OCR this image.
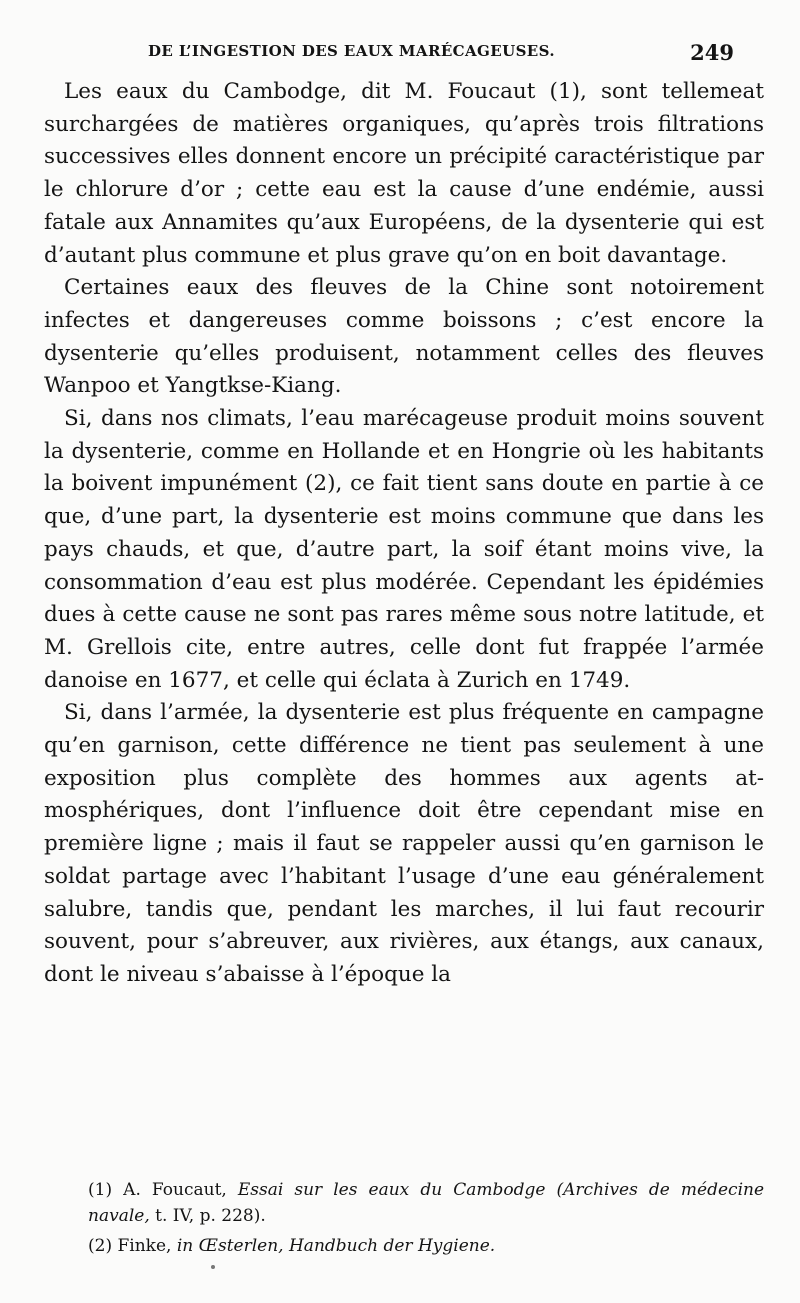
DE L’INGESTION DES EAUX MARÉCAGEUSES.	249

Les eaux du Cambodge, dit M. Foucaut (1), sont tellemeat surchargées de matières organiques, qu’après trois filtrations successives elles donnent encore un précipité caractéristique par le chlorure d’or ; cette eau est la cause d’une endémie, aussi fatale aux Annamites qu’aux Européens, de la dysenterie qui est d’autant plus commune et plus grave qu’on en boit davantage.

Certaines eaux des fleuves de la Chine sont notoirement infectes et dangereuses comme boissons ; c’est encore la dysenterie qu’elles produisent, notamment celles des fleuves Wanpoo et Yangtkse-Kiang.

Si, dans nos climats, l’eau marécageuse produit moins souvent la dysenterie, comme en Hollande et en Hongrie où les habitants la boivent impunément (2), ce fait tient sans doute en partie à ce que, d’une part, la dysenterie est moins commune que dans les pays chauds, et que, d’autre part, la soif étant moins vive, la consommation d’eau est plus modérée. Cependant les épidémies dues à cette cause ne sont pas rares même sous notre latitude, et M. Grellois cite, entre autres, celle dont fut frappée l’armée danoise en 1677, et celle qui éclata à Zurich en 1749.

Si, dans l’armée, la dysenterie est plus fréquente en campagne qu’en garnison, cette différence ne tient pas seulement à une exposition plus complète des hommes aux agents atmosphériques, dont l’influence doit être cependant mise en première ligne ; mais il faut se rappeler aussi qu’en garnison le soldat partage avec l’habitant l’usage d’une eau généralement salubre, tandis que, pendant les marches, il lui faut recourir souvent, pour s’abreuver, aux rivières, aux étangs, aux canaux, dont le niveau s’abaisse à l’époque la

(1) A. Foucaut, Essai sur les eaux du Cambodge (Archives de médecine navale, t. IV, p. 228).

(2) Finke, in Œsterlen, Handbuch der Hygiene.
